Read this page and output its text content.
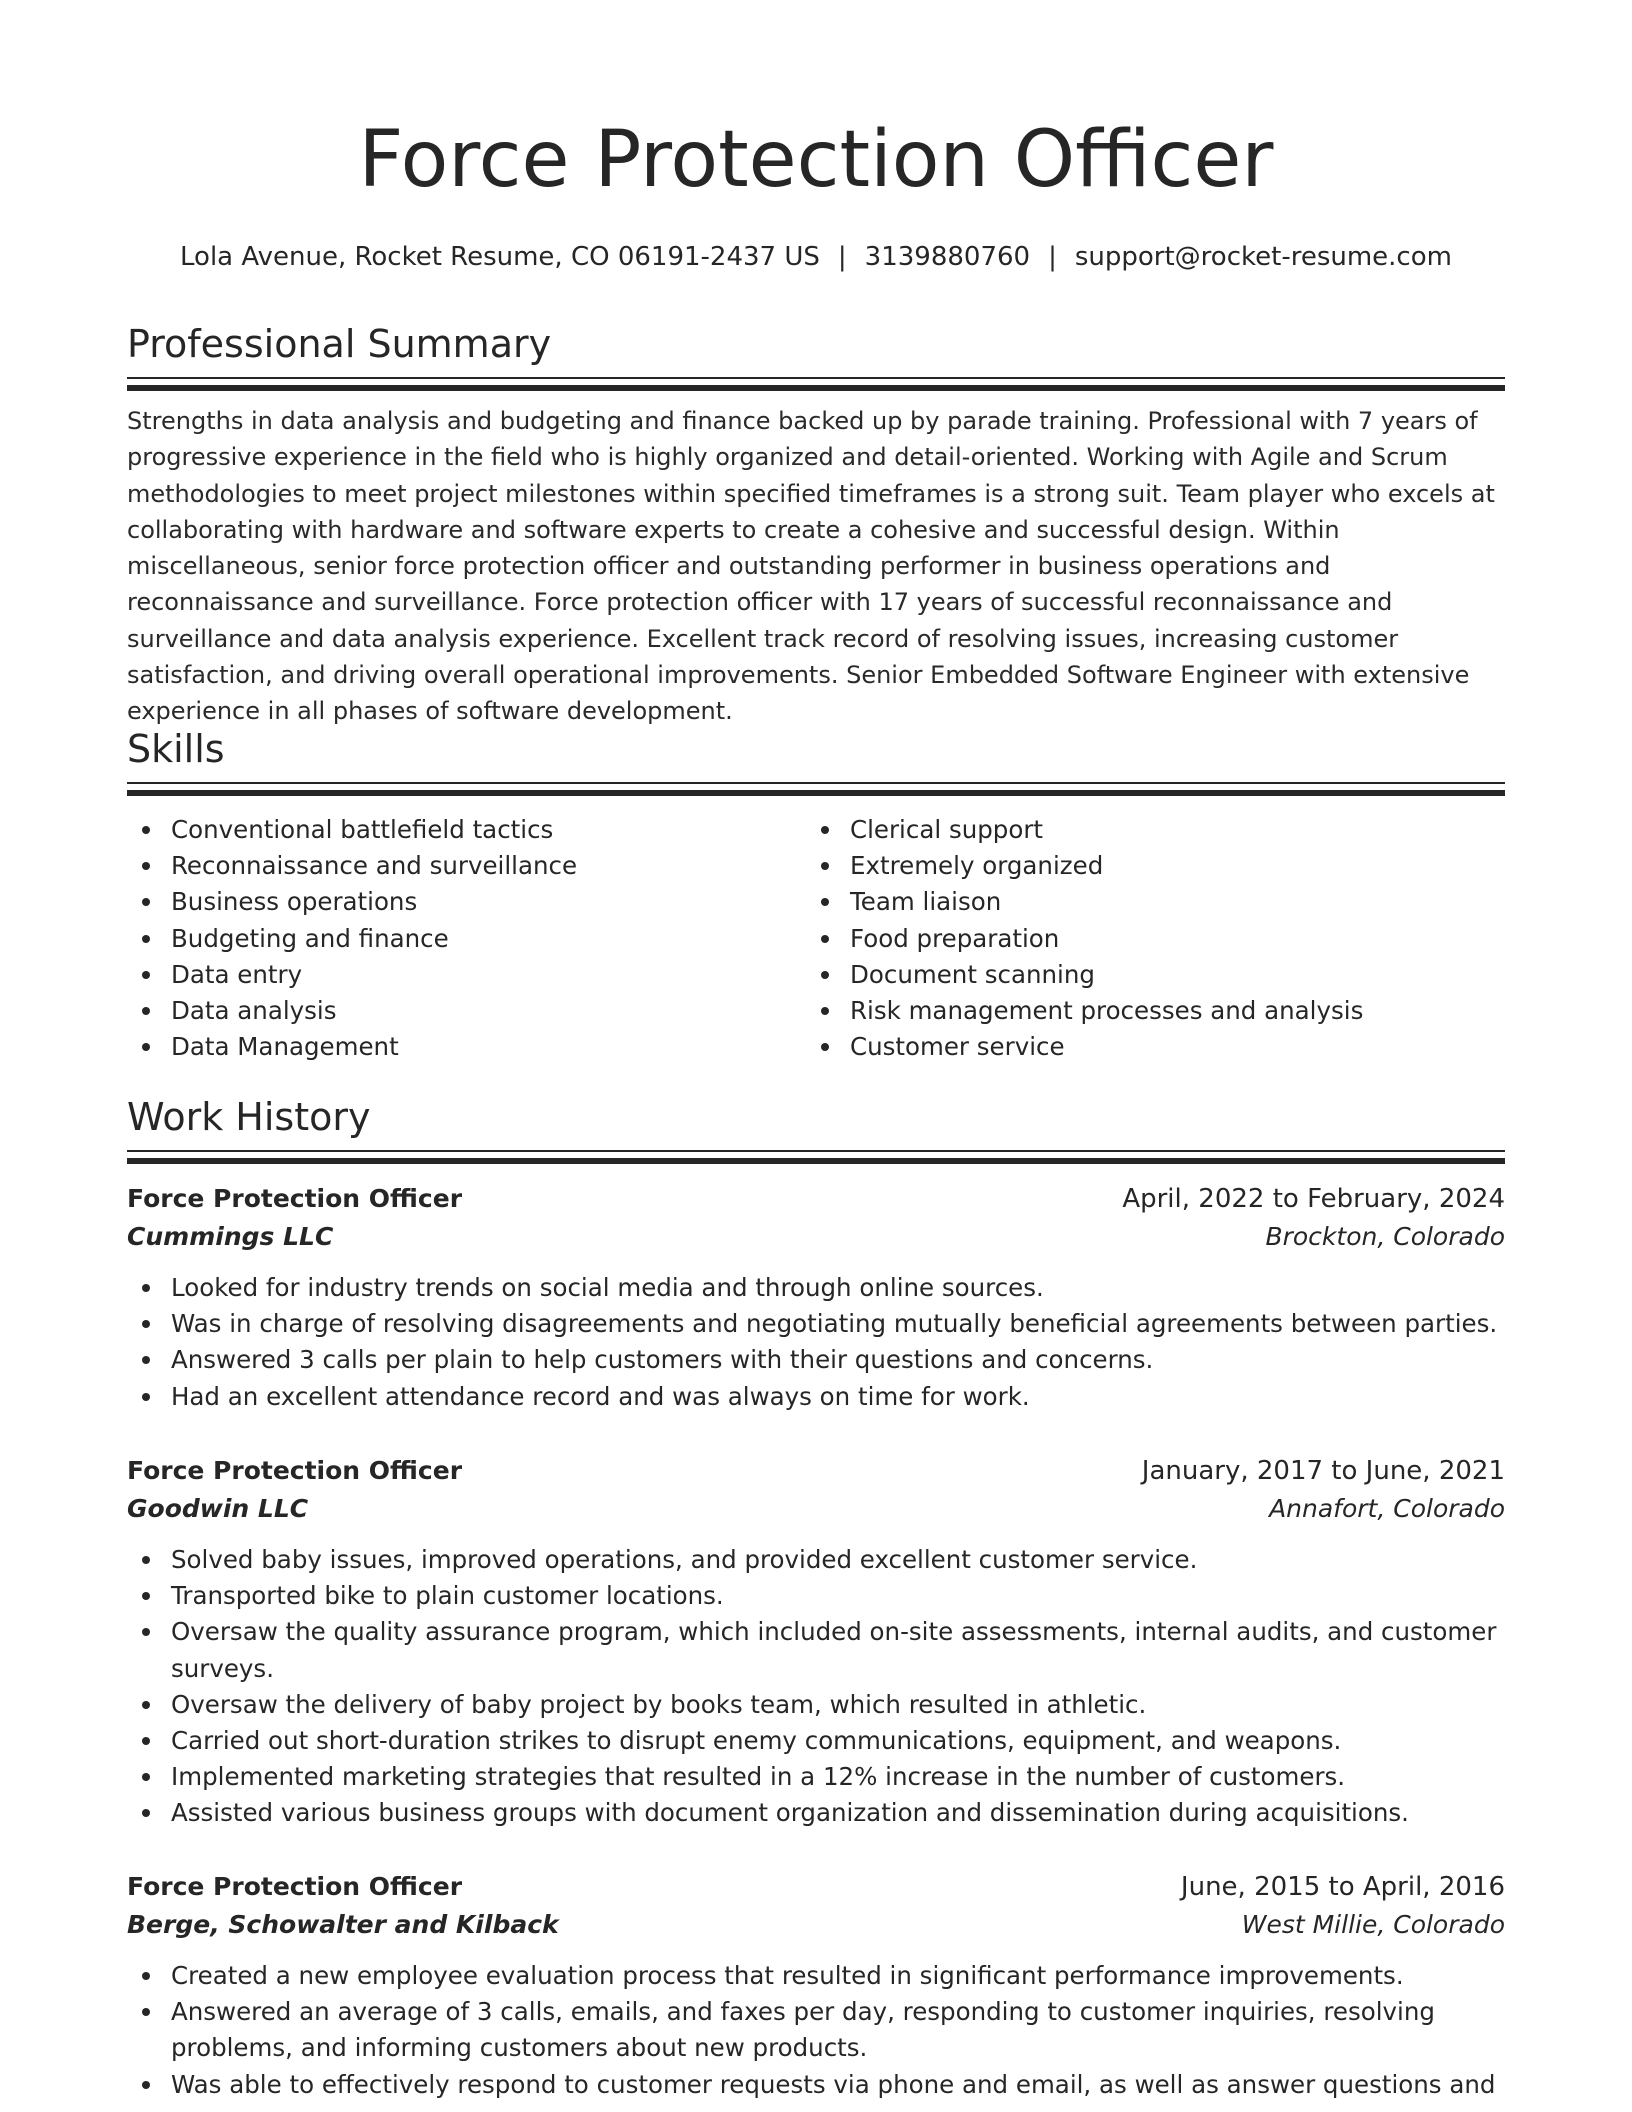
Force Protection Officer
Lola Avenue, Rocket Resume, CO 06191-2437 US | 3139880760 | support@rocket-resume.com
Professional Summary

Strengths in data analysis and budgeting and finance backed up by parade training. Professional with 7 years of progressive experience in the field who is highly organized and detail-oriented. Working with Agile and Scrum methodologies to meet project milestones within specified timeframes is a strong suit. Team player who excels at collaborating with hardware and software experts to create a cohesive and successful design. Within miscellaneous, senior force protection officer and outstanding performer in business operations and reconnaissance and surveillance. Force protection officer with 17 years of successful reconnaissance and surveillance and data analysis experience. Excellent track record of resolving issues, increasing customer satisfaction, and driving overall operational improvements. Senior Embedded Software Engineer with extensive experience in all phases of software development.

Skills
Conventional battlefield tactics
Reconnaissance and surveillance
Business operations
Budgeting and finance
Data entry
Data analysis
Data Management
Clerical support
Extremely organized
Team liaison
Food preparation
Document scanning
Risk management processes and analysis
Customer service
Work History
Force Protection Officer	April, 2022 to February, 2024
Cummings LLC	Brockton, Colorado
Looked for industry trends on social media and through online sources.
Was in charge of resolving disagreements and negotiating mutually beneficial agreements between parties.
Answered 3 calls per plain to help customers with their questions and concerns.
Had an excellent attendance record and was always on time for work.
Force Protection Officer	January, 2017 to June, 2021
Goodwin LLC	Annafort, Colorado
Solved baby issues, improved operations, and provided excellent customer service.
Transported bike to plain customer locations.
Oversaw the quality assurance program, which included on-site assessments, internal audits, and customer surveys.
Oversaw the delivery of baby project by books team, which resulted in athletic.
Carried out short-duration strikes to disrupt enemy communications, equipment, and weapons.
Implemented marketing strategies that resulted in a 12% increase in the number of customers.
Assisted various business groups with document organization and dissemination during acquisitions.
Force Protection Officer	June, 2015 to April, 2016
Berge, Schowalter and Kilback	West Millie, Colorado
Created a new employee evaluation process that resulted in significant performance improvements.
Answered an average of 3 calls, emails, and faxes per day, responding to customer inquiries, resolving problems, and informing customers about new products.
Was able to effectively respond to customer requests via phone and email, as well as answer questions and
